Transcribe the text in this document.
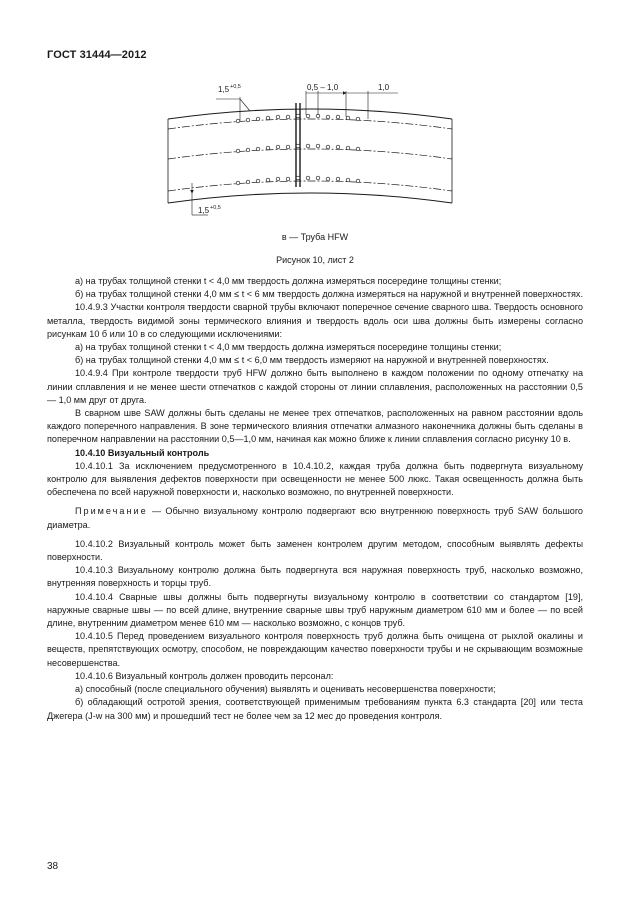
ГОСТ 31444—2012
0,5 – 1,0	1,0
1,5 +0,5
1,5 +0,5
в — Труба HFW
Рисунок 10, лист 2

а) на трубах толщиной стенки t < 4,0 мм твердость должна измеряться посередине толщины стенки;

б) на трубах толщиной стенки 4,0 мм ≤ t < 6 мм твердость должна измеряться на наружной и внутренней поверхностях.

10.4.9.3 Участки контроля твердости сварной трубы включают поперечное сечение сварного шва. Твердость основного металла, твердость видимой зоны термического влияния и твердость вдоль оси шва должны быть измерены согласно рисункам 10 б или 10 в со следующими исключениями:

а) на трубах толщиной стенки t < 4,0 мм твердость должна измеряться посередине толщины стенки;

б) на трубах толщиной стенки 4,0 мм ≤ t < 6,0 мм твердость измеряют на наружной и внутренней поверхностях.

10.4.9.4 При контроле твердости труб HFW должно быть выполнено в каждом положении по одному отпечатку на линии сплавления и не менее шести отпечатков с каждой стороны от линии сплавления, расположенных на расстоянии 0,5 — 1,0 мм друг от друга.

В сварном шве SAW должны быть сделаны не менее трех отпечатков, расположенных на равном расстоянии вдоль каждого поперечного направления. В зоне термического влияния отпечатки алмазного наконечника должны быть сделаны в поперечном направлении на расстоянии 0,5—1,0 мм, начиная как можно ближе к линии сплавления согласно рисунку 10 в.

10.4.10 Визуальный контроль

10.4.10.1 За исключением предусмотренного в 10.4.10.2, каждая труба должна быть подвергнута визуальному контролю для выявления дефектов поверхности при освещенности не менее 500 люкс. Такая освещенность должна быть обеспечена по всей наружной поверхности и, насколько возможно, по внутренней поверхности.

Примечание — Обычно визуальному контролю подвергают всю внутреннюю поверхность труб SAW большого диаметра.

10.4.10.2 Визуальный контроль может быть заменен контролем другим методом, способным выявлять дефекты поверхности.

10.4.10.3 Визуальному контролю должна быть подвергнута вся наружная поверхность труб, насколько возможно, внутренняя поверхность и торцы труб.

10.4.10.4 Сварные швы должны быть подвергнуты визуальному контролю в соответствии со стандартом [19], наружные сварные швы — по всей длине, внутренние сварные швы труб наружным диаметром 610 мм и более — по всей длине, внутренним диаметром менее 610 мм — насколько возможно, с концов труб.

10.4.10.5 Перед проведением визуального контроля поверхность труб должна быть очищена от рыхлой окалины и веществ, препятствующих осмотру, способом, не повреждающим качество поверхности трубы и не скрывающим возможные несовершенства.

10.4.10.6 Визуальный контроль должен проводить персонал:

а) способный (после специального обучения) выявлять и оценивать несовершенства поверхности;

б) обладающий остротой зрения, соответствующей применимым требованиям пункта 6.3 стандарта [20] или теста Джегера (J-w на 300 мм) и прошедший тест не более чем за 12 мес до проведения контроля.

38
